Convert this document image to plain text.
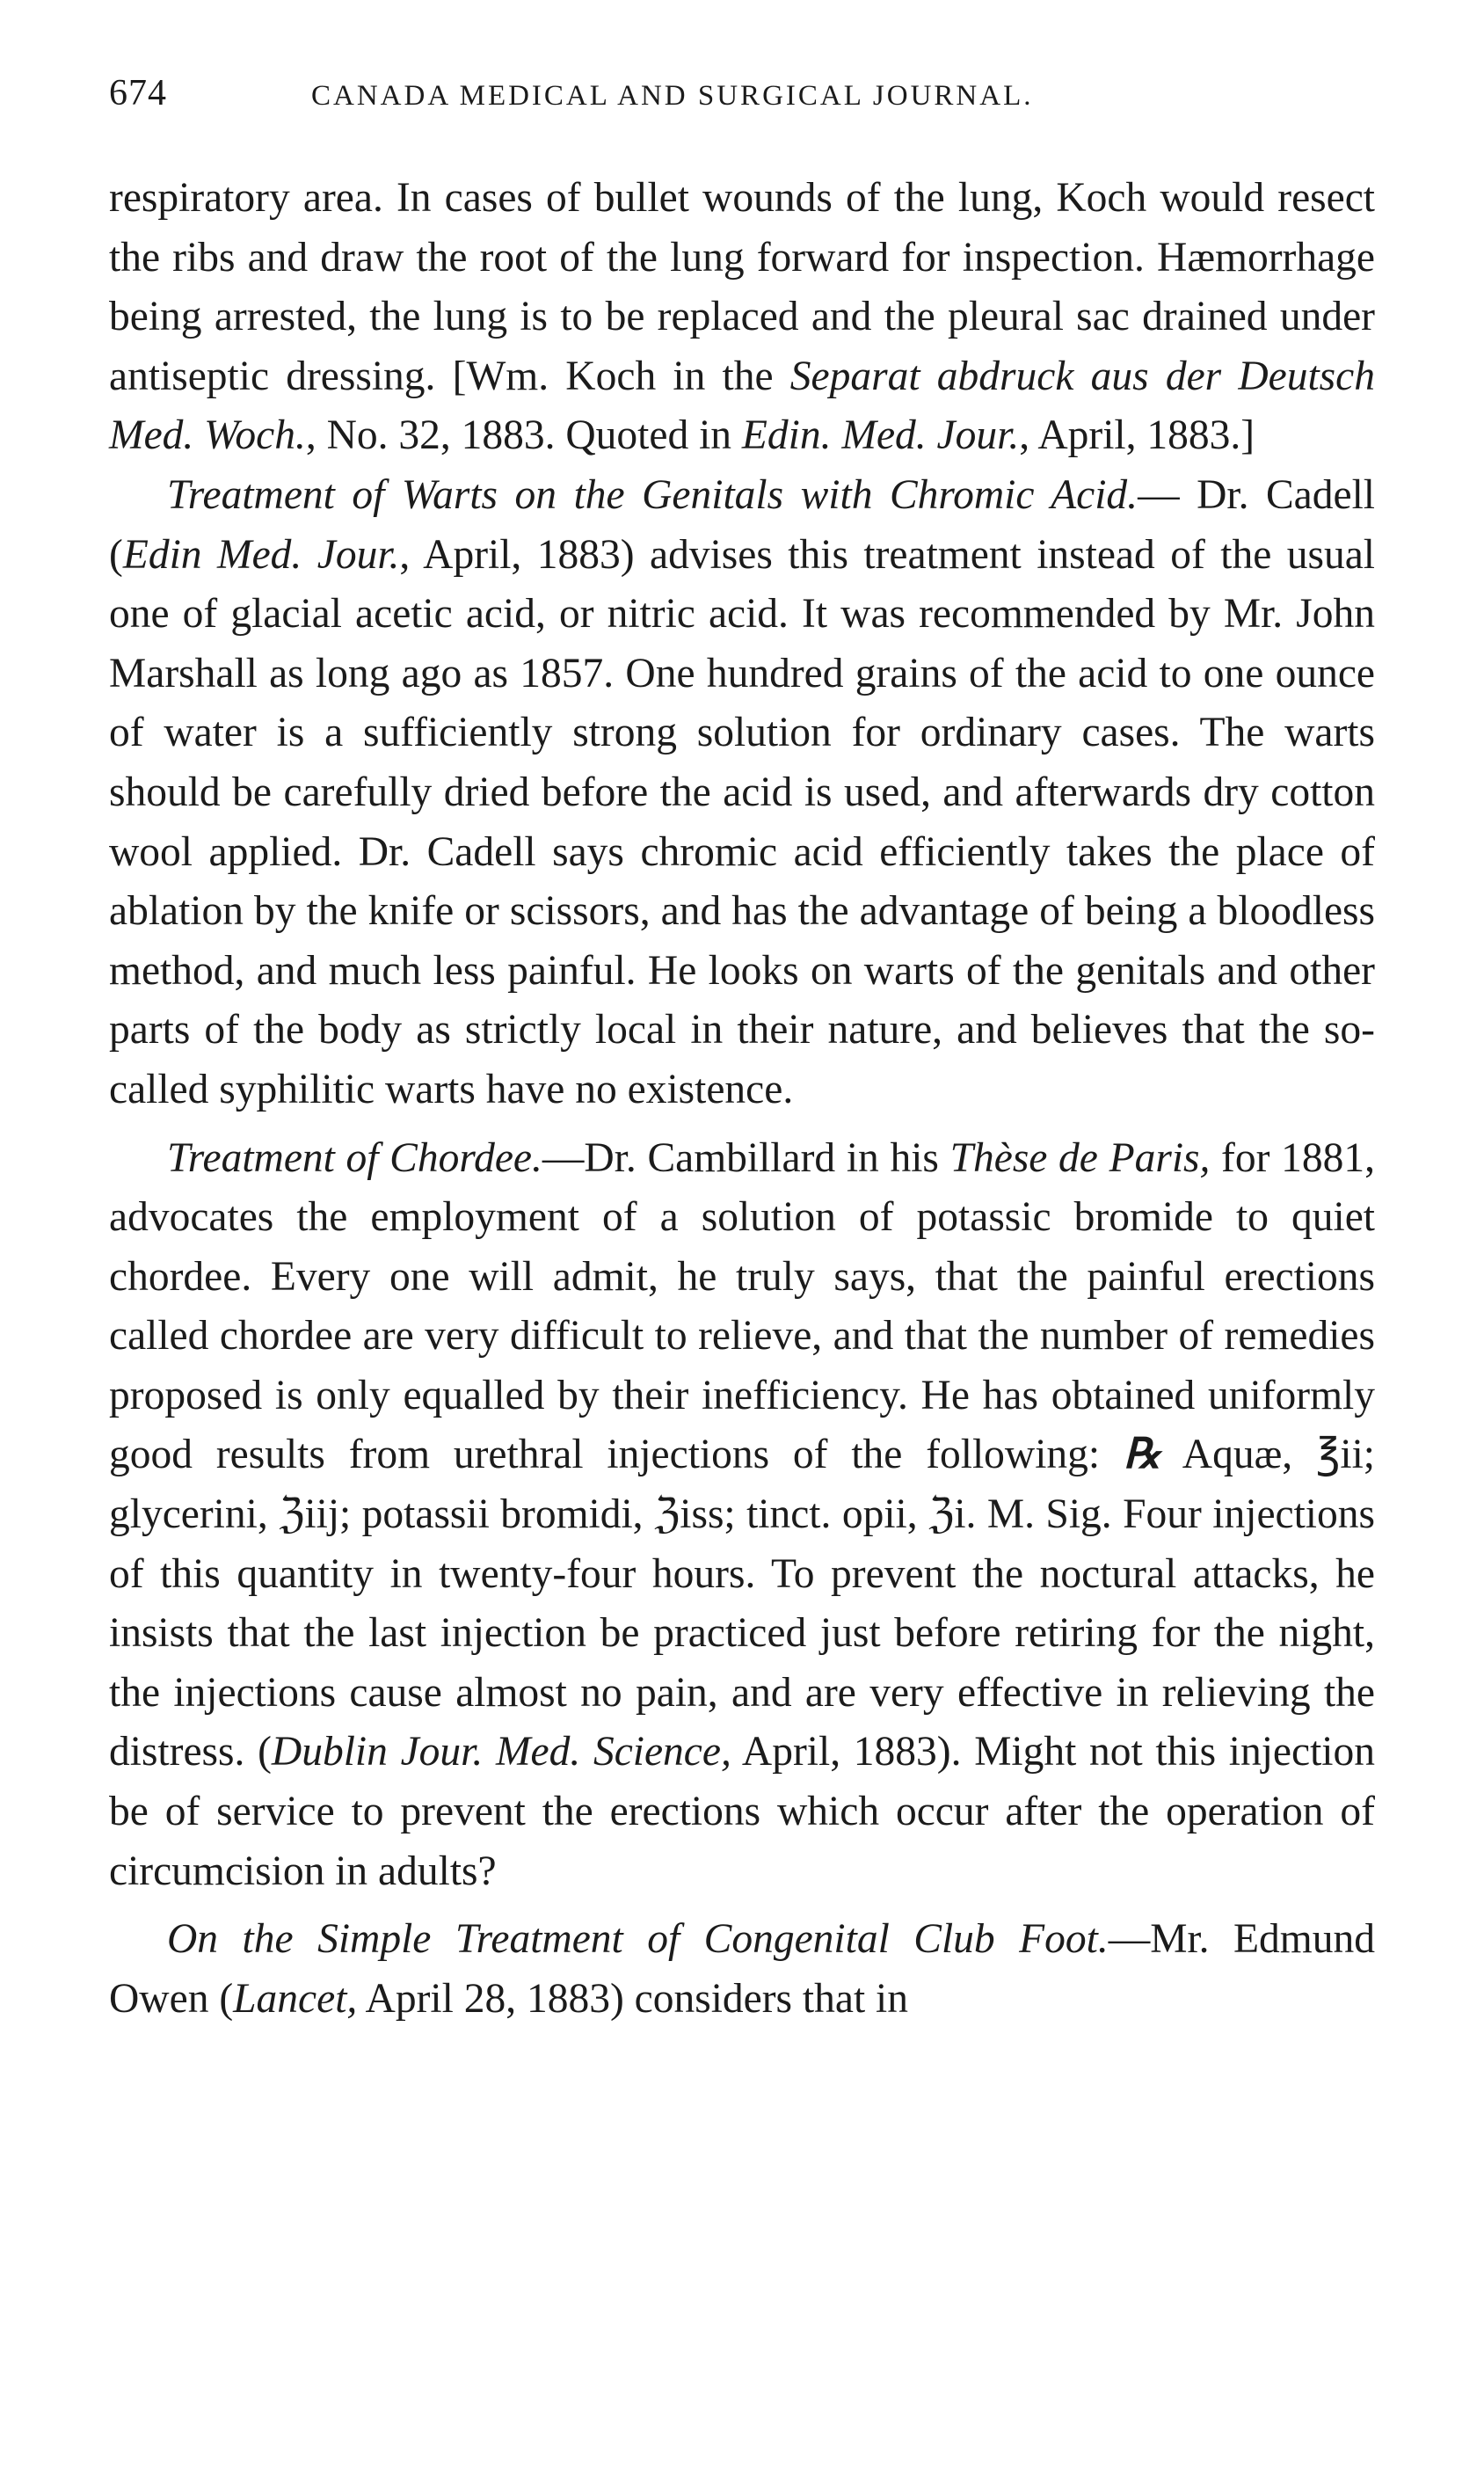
674	CANADA MEDICAL AND SURGICAL JOURNAL.

respiratory area. In cases of bullet wounds of the lung, Koch would resect the ribs and draw the root of the lung forward for inspection. Hæmorrhage being arrested, the lung is to be replaced and the pleural sac drained under antiseptic dressing. [Wm. Koch in the Separat abdruck aus der Deutsch Med. Woch., No. 32, 1883. Quoted in Edin. Med. Jour., April, 1883.]

Treatment of Warts on the Genitals with Chromic Acid.— Dr. Cadell (Edin Med. Jour., April, 1883) advises this treatment instead of the usual one of glacial acetic acid, or nitric acid. It was recommended by Mr. John Marshall as long ago as 1857. One hundred grains of the acid to one ounce of water is a sufficiently strong solution for ordinary cases. The warts should be carefully dried before the acid is used, and afterwards dry cotton wool applied. Dr. Cadell says chromic acid efficiently takes the place of ablation by the knife or scissors, and has the advantage of being a bloodless method, and much less painful. He looks on warts of the genitals and other parts of the body as strictly local in their nature, and believes that the so-called syphilitic warts have no existence.

Treatment of Chordee.—Dr. Cambillard in his Thèse de Paris, for 1881, advocates the employment of a solution of potassic bromide to quiet chordee. Every one will admit, he truly says, that the painful erections called chordee are very difficult to relieve, and that the number of remedies proposed is only equalled by their inefficiency. He has obtained uniformly good results from urethral injections of the following: ℞ Aquæ, ℥ii; glycerini, ℨiij; potassii bromidi, ℨiss; tinct. opii, ℨi. M. Sig. Four injections of this quantity in twenty-four hours. To prevent the noctural attacks, he insists that the last injection be practiced just before retiring for the night, the injections cause almost no pain, and are very effective in relieving the distress. (Dublin Jour. Med. Science, April, 1883). Might not this injection be of service to prevent the erections which occur after the operation of circumcision in adults?

On the Simple Treatment of Congenital Club Foot.—Mr. Edmund Owen (Lancet, April 28, 1883) considers that in
